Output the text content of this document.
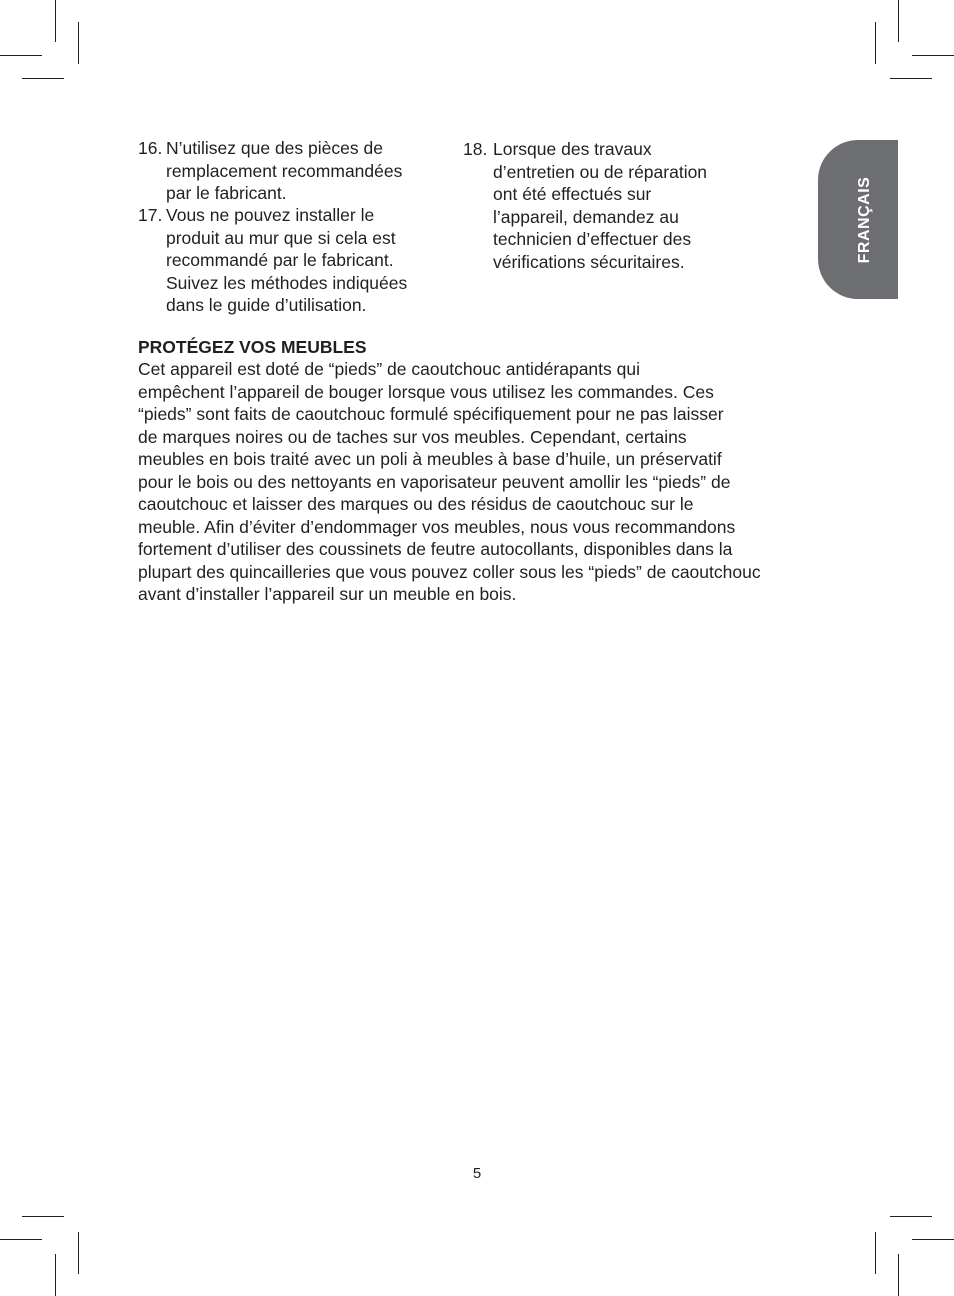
FRANÇAIS
16. N’utilisez que des pièces de
remplacement recommandées
par le fabricant.
17. Vous ne pouvez installer le
produit au mur que si cela est
recommandé par le fabricant.
Suivez les méthodes indiquées
dans le guide d’utilisation.
18. Lorsque des travaux
d’entretien ou de réparation
ont été effectués sur
l’appareil, demandez au
technicien d’effectuer des
vérifications sécuritaires.
PROTÉGEZ VOS MEUBLES
Cet appareil est doté de “pieds” de caoutchouc antidérapants qui
empêchent l’appareil de bouger lorsque vous utilisez les commandes. Ces
“pieds” sont faits de caoutchouc formulé spécifiquement pour ne pas laisser
de marques noires ou de taches sur vos meubles. Cependant, certains
meubles en bois traité avec un poli à meubles à base d’huile, un préservatif
pour le bois ou des nettoyants en vaporisateur peuvent amollir les “pieds” de
caoutchouc et laisser des marques ou des résidus de caoutchouc sur le
meuble. Afin d’éviter d’endommager vos meubles, nous vous recommandons
fortement d’utiliser des coussinets de feutre autocollants, disponibles dans la
plupart des quincailleries que vous pouvez coller sous les “pieds” de caoutchouc
avant d’installer l’appareil sur un meuble en bois.
5
